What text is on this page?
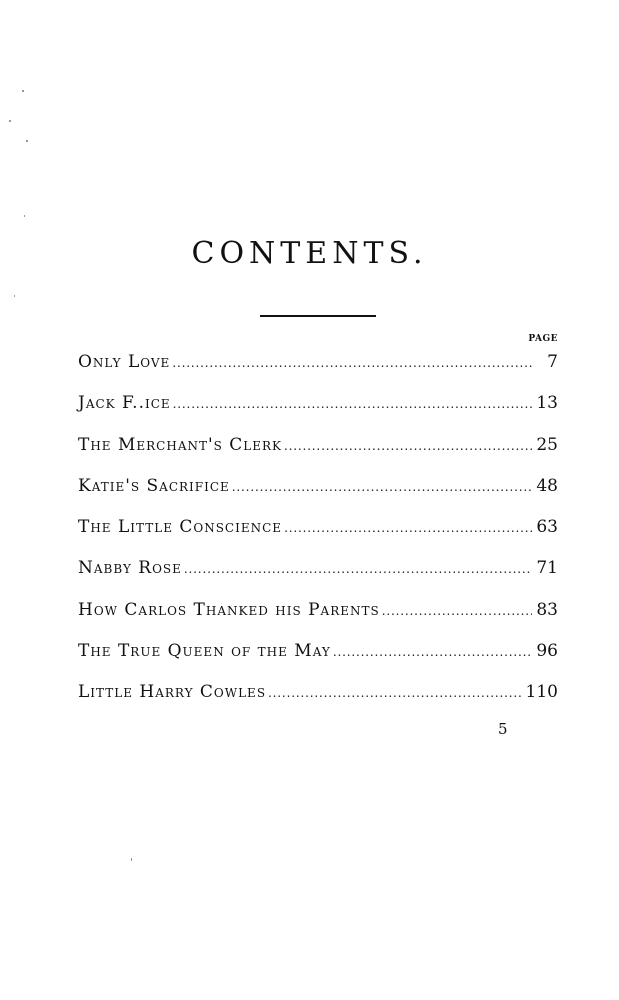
CONTENTS.
PAGE
Only Love . . .	7
Jack F..ice . . .	13
The Merchant's Clerk . . .	25
Katie's Sacrifice . . .	48
The Little Conscience . . .	63
Nabby Rose . . .	71
How Carlos Thanked his Parents . . .	83
The True Queen of the May . . .	96
Little Harry Cowles . . .	110
5
